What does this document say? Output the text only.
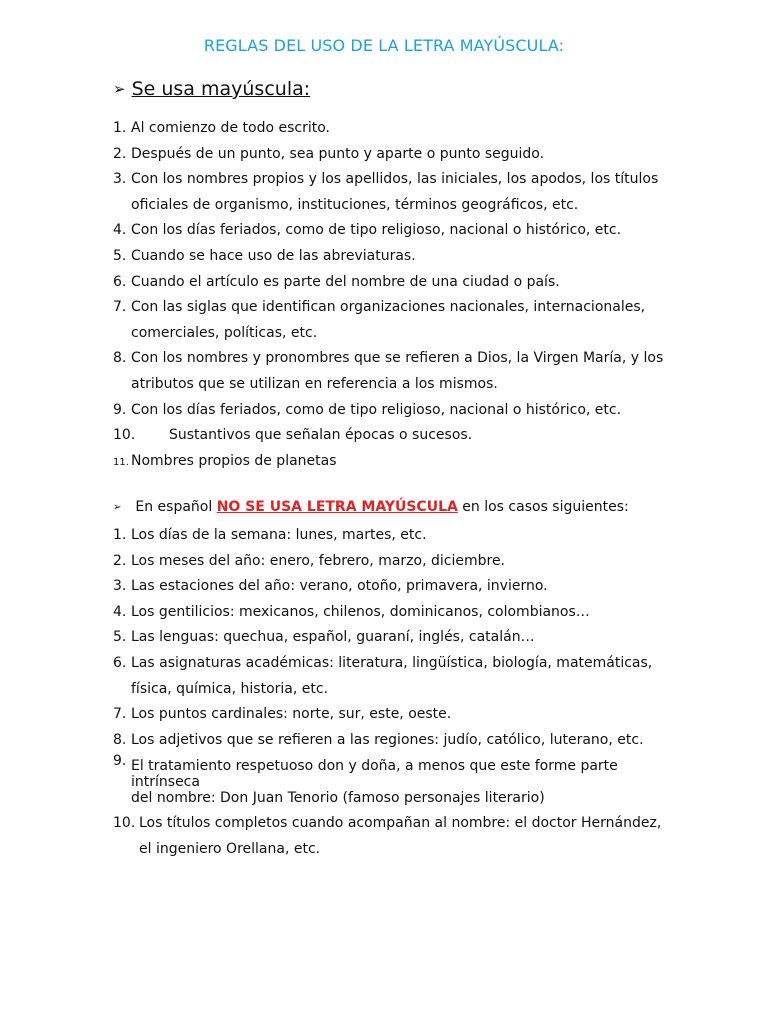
REGLAS DEL USO DE LA LETRA MAYÚSCULA:
➢ Se usa mayúscula:
1. Al comienzo de todo escrito.
2. Después de un punto, sea punto y aparte o punto seguido.
3. Con los nombres propios y los apellidos, las iniciales, los apodos, los títulos oficiales de organismo, instituciones, términos geográficos, etc.
4. Con los días feriados, como de tipo religioso, nacional o histórico, etc.
5. Cuando se hace uso de las abreviaturas.
6. Cuando el artículo es parte del nombre de una ciudad o país.
7. Con las siglas que identifican organizaciones nacionales, internacionales, comerciales, políticas, etc.
8. Con los nombres y pronombres que se refieren a Dios, la Virgen María, y los atributos que se utilizan en referencia a los mismos.
9. Con los días feriados, como de tipo religioso, nacional o histórico, etc.
10.	Sustantivos que señalan épocas o sucesos.
11. Nombres propios de planetas
➢ En español NO SE USA LETRA MAYÚSCULA en los casos siguientes:
1. Los días de la semana: lunes, martes, etc.
2. Los meses del año: enero, febrero, marzo, diciembre.
3. Las estaciones del año: verano, otoño, primavera, invierno.
4. Los gentilicios: mexicanos, chilenos, dominicanos, colombianos…
5. Las lenguas: quechua, español, guaraní, inglés, catalán…
6. Las asignaturas académicas: literatura, lingüística, biología, matemáticas, física, química, historia, etc.
7. Los puntos cardinales: norte, sur, este, oeste.
8. Los adjetivos que se refieren a las regiones: judío, católico, luterano, etc.
9. El tratamiento respetuoso don y doña, a menos que este forme parte intrínseca
del nombre: Don Juan Tenorio (famoso personajes literario)
10. Los títulos completos cuando acompañan al nombre: el doctor Hernández, el ingeniero Orellana, etc.
